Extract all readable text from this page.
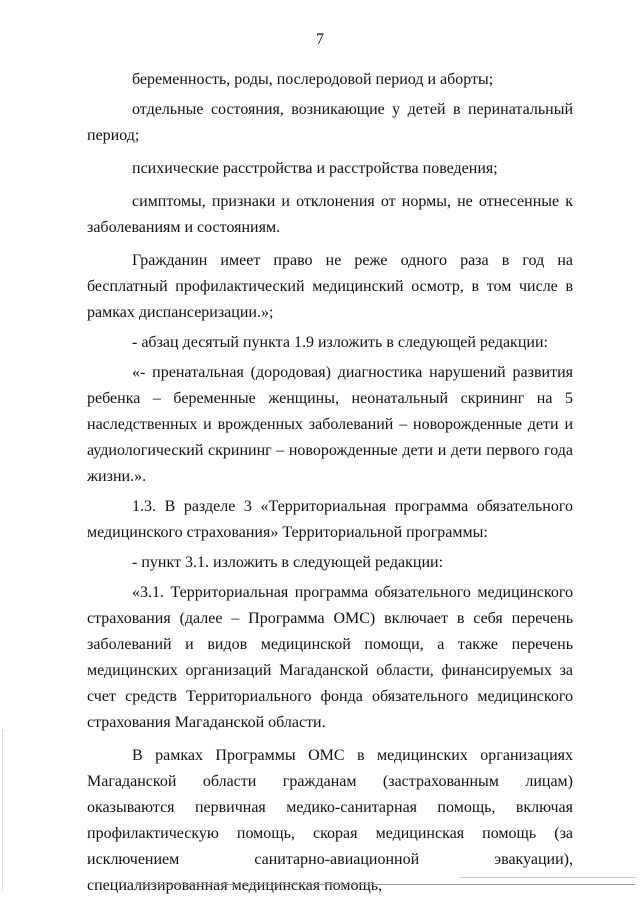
7

беременность, роды, послеродовой период и аборты;

отдельные состояния, возникающие у детей в перинатальный период;

психические расстройства и расстройства поведения;

симптомы, признаки и отклонения от нормы, не отнесенные к заболеваниям и состояниям.

Гражданин имеет право не реже одного раза в год на бесплатный профилактический медицинский осмотр, в том числе в рамках диспансеризации.»;

- абзац десятый пункта 1.9 изложить в следующей редакции:

«- пренатальная (дородовая) диагностика нарушений развития ребенка – беременные женщины, неонатальный скрининг на 5 наследственных и врожденных заболеваний – новорожденные дети и аудиологический скрининг – новорожденные дети и дети первого года жизни.».

1.3. В разделе 3 «Территориальная программа обязательного медицинского страхования» Территориальной программы:

- пункт 3.1. изложить в следующей редакции:

«3.1. Территориальная программа обязательного медицинского страхования (далее – Программа ОМС) включает в себя перечень заболеваний и видов медицинской помощи, а также перечень медицинских организаций Магаданской области, финансируемых за счет средств Территориального фонда обязательного медицинского страхования Магаданской области.

В рамках Программы ОМС в медицинских организациях Магаданской области гражданам (застрахованным лицам) оказываются первичная медико-санитарная помощь, включая профилактическую помощь, скорая медицинская помощь (за исключением санитарно-авиационной эвакуации), специализированная медицинская помощь,
